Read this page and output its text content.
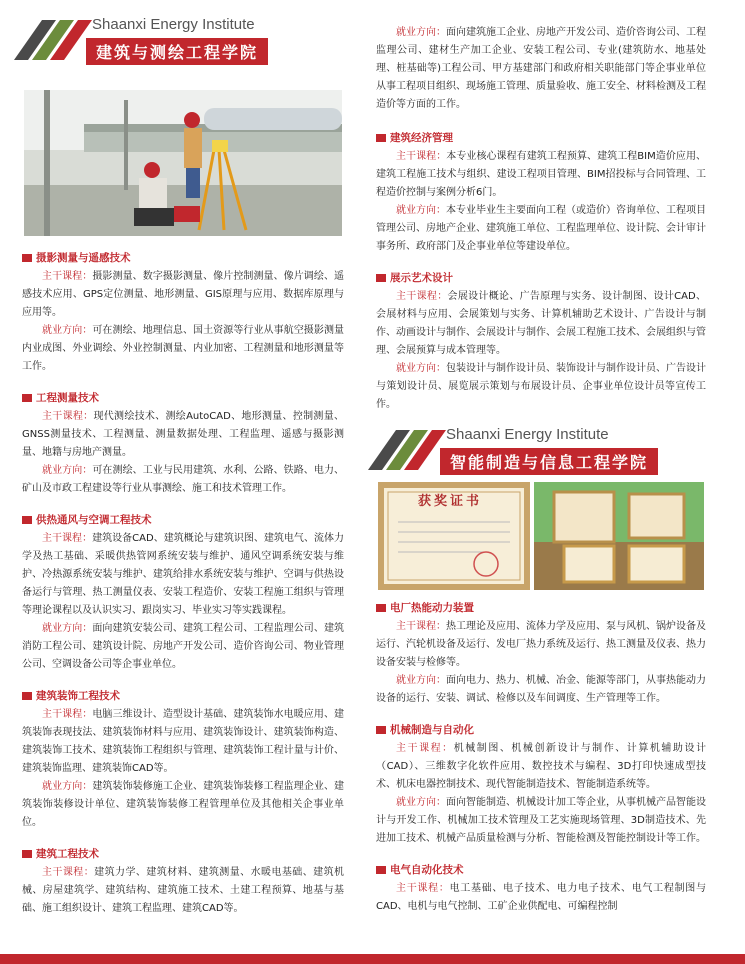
Shaanxi Energy Institute
建筑与测绘工程学院
摄影测量与遥感技术

主干课程：摄影测量、数字摄影测量、像片控制测量、像片调绘、遥感技术应用、GPS定位测量、地形测量、GIS原理与应用、数据库原理与应用等。

就业方向：可在测绘、地理信息、国土资源等行业从事航空摄影测量内业成图、外业调绘、外业控制测量、内业加密、工程测量和地形测量等工作。

工程测量技术

主干课程：现代测绘技术、测绘AutoCAD、地形测量、控制测量、GNSS测量技术、工程测量、测量数据处理、工程监理、遥感与摄影测量、地籍与房地产测量。

就业方向：可在测绘、工业与民用建筑、水利、公路、铁路、电力、矿山及市政工程建设等行业从事测绘、施工和技术管理工作。

供热通风与空调工程技术

主干课程：建筑设备CAD、建筑概论与建筑识图、建筑电气、流体力学及热工基础、采暖供热管网系统安装与维护、通风空调系统安装与维护、冷热源系统安装与维护、建筑给排水系统安装与维护、空调与供热设备运行与管理、热工测量仪表、安装工程造价、安装工程施工组织与管理等理论课程以及认识实习、跟岗实习、毕业实习等实践课程。

就业方向：面向建筑安装公司、建筑工程公司、工程监理公司、建筑消防工程公司、建筑设计院、房地产开发公司、造价咨询公司、物业管理公司、空调设备公司等企事业单位。

建筑装饰工程技术

主干课程：电脑三维设计、造型设计基础、建筑装饰水电暖应用、建筑装饰表现技法、建筑装饰材料与应用、建筑装饰设计、建筑装饰构造、建筑装饰工技术、建筑装饰工程组织与管理、建筑装饰工程计量与计价、建筑装饰监理、建筑装饰CAD等。

就业方向：建筑装饰装修施工企业、建筑装饰装修工程监理企业、建筑装饰装修设计单位、建筑装饰装修工程管理单位及其他相关企事业单位。

建筑工程技术

主干课程：建筑力学、建筑材料、建筑测量、水暖电基础、建筑机械、房屋建筑学、建筑结构、建筑施工技术、土建工程预算、地基与基础、施工组织设计、建筑工程监理、建筑CAD等。

就业方向：面向建筑施工企业、房地产开发公司、造价咨询公司、工程监理公司、建材生产加工企业、安装工程公司、专业(建筑防水、地基处理、桩基础等)工程公司、甲方基建部门和政府相关职能部门等企事业单位从事工程项目组织、现场施工管理、质量验收、施工安全、材料检测及工程造价等方面的工作。

建筑经济管理

主干课程：本专业核心课程有建筑工程预算、建筑工程BIM造价应用、建筑工程施工技术与组织、建设工程项目管理、BIM招投标与合同管理、工程造价控制与案例分析6门。

就业方向：本专业毕业生主要面向工程（或造价）咨询单位、工程项目管理公司、房地产企业、建筑施工单位、工程监理单位、设计院、会计审计事务所、政府部门及企事业单位等建设单位。

展示艺术设计

主干课程：会展设计概论、广告原理与实务、设计制图、设计CAD、会展材料与应用、会展策划与实务、计算机辅助艺术设计、广告设计与制作、动画设计与制作、会展设计与制作、会展工程施工技术、会展组织与管理、会展预算与成本管理等。

就业方向：包装设计与制作设计员、装饰设计与制作设计员、广告设计与策划设计员、展览展示策划与布展设计员、企事业单位设计员等宣传工作。

Shaanxi Energy Institute
智能制造与信息工程学院
获奖证书
电厂热能动力装置

主干课程：热工理论及应用、流体力学及应用、泵与风机、锅炉设备及运行、汽轮机设备及运行、发电厂热力系统及运行、热工测量及仪表、热力设备安装与检修等。

就业方向：面向电力、热力、机械、冶金、能源等部门，从事热能动力设备的运行、安装、调试、检修以及车间调度、生产管理等工作。

机械制造与自动化

主干课程：机械制图、机械创新设计与制作、计算机辅助设计（CAD）、三维数字化软件应用、数控技术与编程、3D打印快速成型技术、机床电器控制技术、现代智能制造技术、智能制造系统等。

就业方向：面向智能制造、机械设计加工等企业，从事机械产品智能设计与开发工作、机械加工技术管理及工艺实施现场管理、3D制造技术、先进加工技术、机械产品质量检测与分析、智能检测及智能控制设计等工作。

电气自动化技术

主干课程：电工基础、电子技术、电力电子技术、电气工程制图与CAD、电机与电气控制、工矿企业供配电、可编程控制
